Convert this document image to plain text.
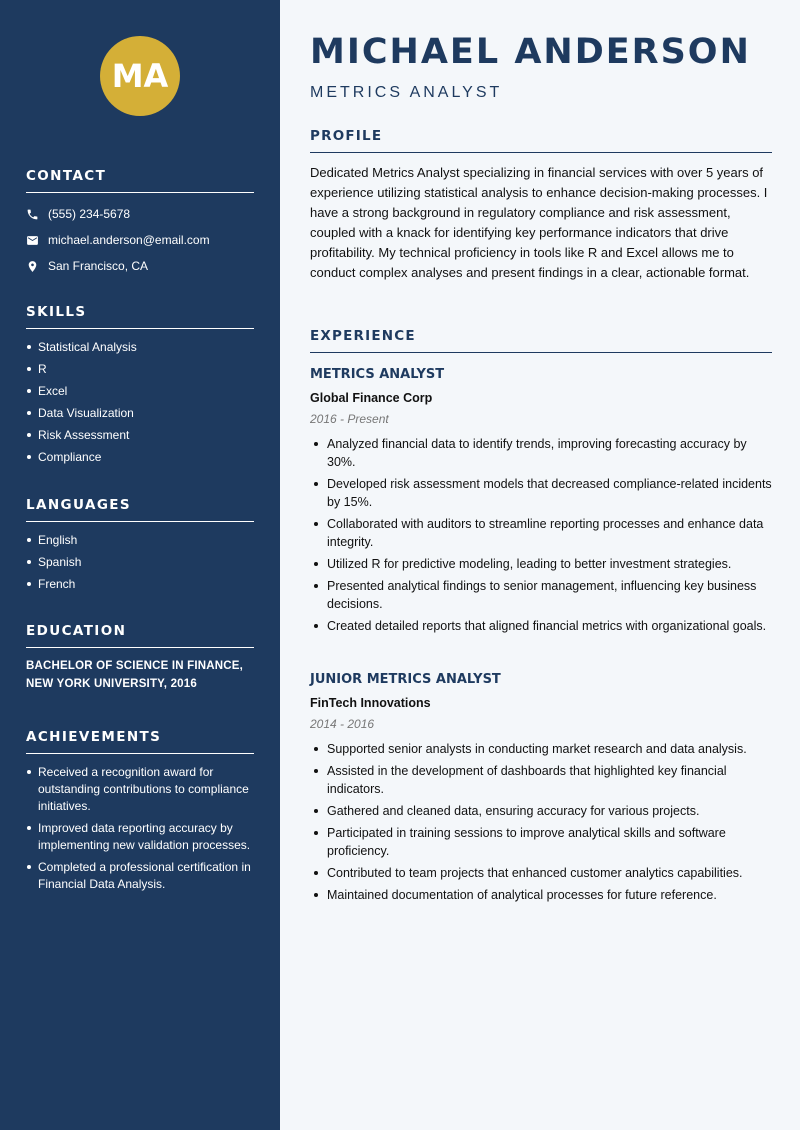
MA
CONTACT
(555) 234-5678
michael.anderson@email.com
San Francisco, CA
SKILLS
Statistical Analysis
R
Excel
Data Visualization
Risk Assessment
Compliance
LANGUAGES
English
Spanish
French
EDUCATION
BACHELOR OF SCIENCE IN FINANCE,
NEW YORK UNIVERSITY, 2016
ACHIEVEMENTS
Received a recognition award for outstanding contributions to compliance initiatives.
Improved data reporting accuracy by implementing new validation processes.
Completed a professional certification in Financial Data Analysis.
MICHAEL ANDERSON
METRICS ANALYST
PROFILE
Dedicated Metrics Analyst specializing in financial services with over 5 years of experience utilizing statistical analysis to enhance decision-making processes. I have a strong background in regulatory compliance and risk assessment, coupled with a knack for identifying key performance indicators that drive profitability. My technical proficiency in tools like R and Excel allows me to conduct complex analyses and present findings in a clear, actionable format.
EXPERIENCE
METRICS ANALYST
Global Finance Corp
2016 - Present
Analyzed financial data to identify trends, improving forecasting accuracy by 30%.
Developed risk assessment models that decreased compliance-related incidents by 15%.
Collaborated with auditors to streamline reporting processes and enhance data integrity.
Utilized R for predictive modeling, leading to better investment strategies.
Presented analytical findings to senior management, influencing key business decisions.
Created detailed reports that aligned financial metrics with organizational goals.
JUNIOR METRICS ANALYST
FinTech Innovations
2014 - 2016
Supported senior analysts in conducting market research and data analysis.
Assisted in the development of dashboards that highlighted key financial indicators.
Gathered and cleaned data, ensuring accuracy for various projects.
Participated in training sessions to improve analytical skills and software proficiency.
Contributed to team projects that enhanced customer analytics capabilities.
Maintained documentation of analytical processes for future reference.
